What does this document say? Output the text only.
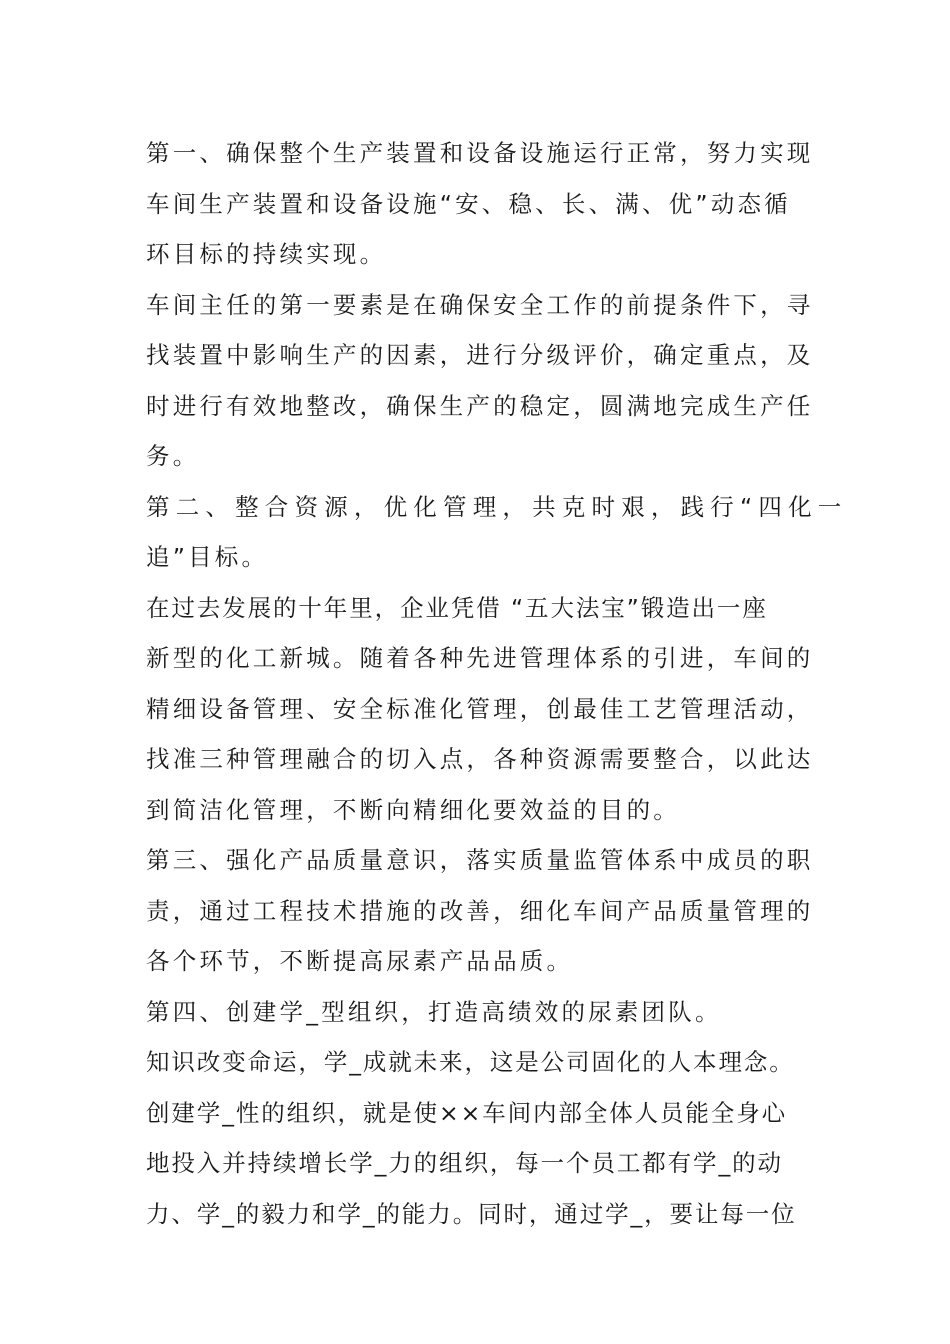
第一、确保整个生产装置和设备设施运行正常，努力实现
车间生产装置和设备设施“安、稳、长、满、优”动态循
环目标的持续实现。
车间主任的第一要素是在确保安全工作的前提条件下，寻
找装置中影响生产的因素，进行分级评价，确定重点，及
时进行有效地整改，确保生产的稳定，圆满地完成生产任
务。
第二、整合资源，优化管理，共克时艰，践行“四化一
追”目标。
在过去发展的十年里，企业凭借 “五大法宝”锻造出一座
新型的化工新城。随着各种先进管理体系的引进，车间的
精细设备管理、安全标准化管理，创最佳工艺管理活动，
找准三种管理融合的切入点，各种资源需要整合，以此达
到简洁化管理，不断向精细化要效益的目的。
第三、强化产品质量意识，落实质量监管体系中成员的职
责，通过工程技术措施的改善，细化车间产品质量管理的
各个环节，不断提高尿素产品品质。
第四、创建学_型组织，打造高绩效的尿素团队。
知识改变命运，学_成就未来，这是公司固化的人本理念。
创建学_性的组织，就是使××车间内部全体人员能全身心
地投入并持续增长学_力的组织，每一个员工都有学_的动
力、学_的毅力和学_的能力。同时，通过学_，要让每一位
